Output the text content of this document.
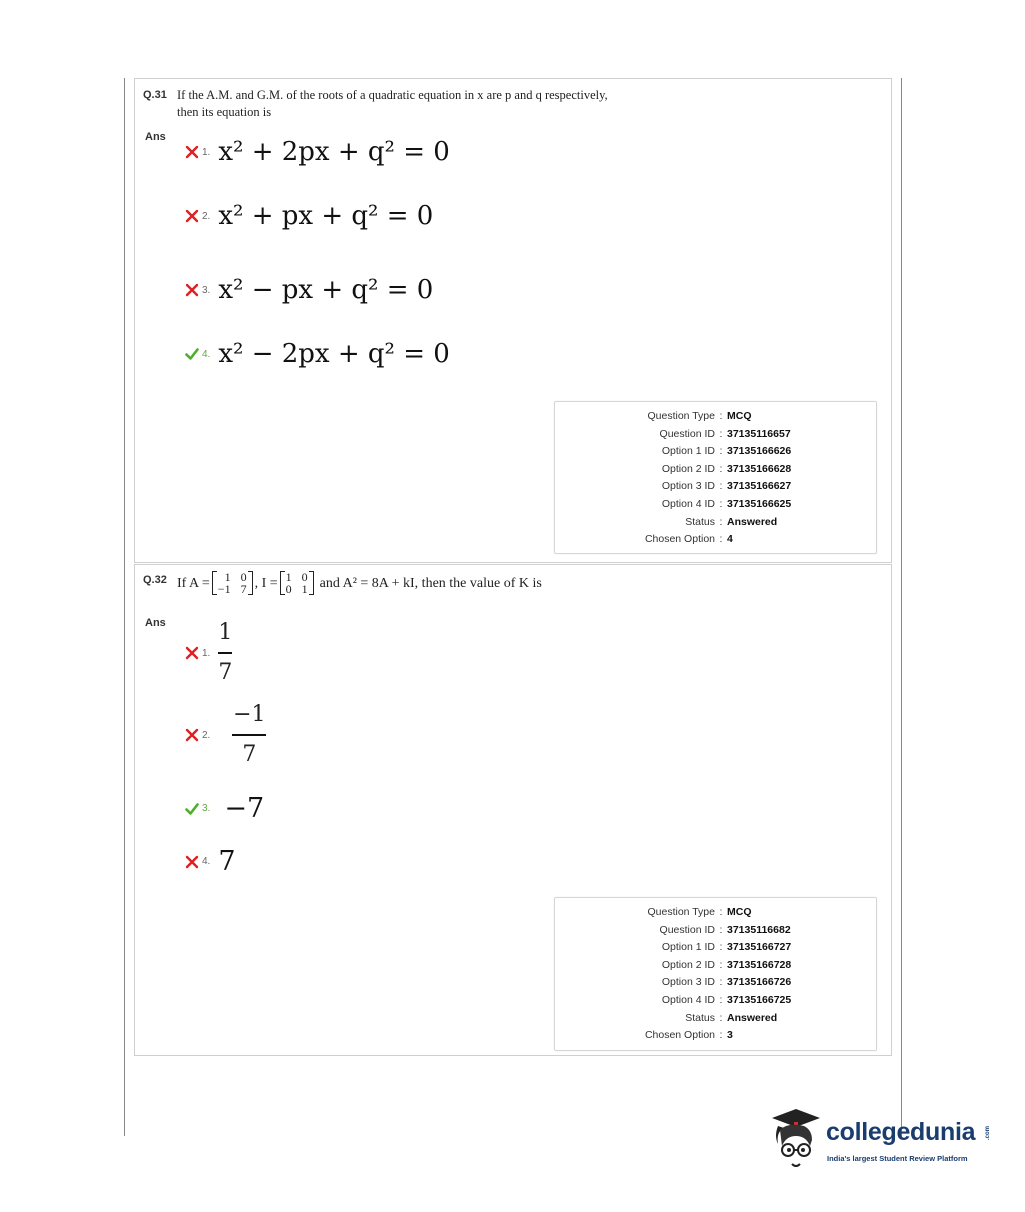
Q.31 If the A.M. and G.M. of the roots of a quadratic equation in x are p and q respectively,
then its equation is
Ans
1. x² + 2px + q² = 0
2. x² + px + q² = 0
3. x² − px + q² = 0
4. x² − 2px + q² = 0
Question Type : MCQ
Question ID : 37135116657
Option 1 ID : 37135166626
Option 2 ID : 37135166628
Option 3 ID : 37135166627
Option 4 ID : 37135166625
Status : Answered
Chosen Option : 4
Q.32 If A =	1 0
−1 7 , I = 1 0
0 1 and A² = 8A + kI, then the value of K is
Ans
1. $\frac{1}{7}$
2. $\frac{-1}{7}$
3. −7
4. 7
Question Type : MCQ
Question ID : 37135116682
Option 1 ID : 37135166727
Option 2 ID : 37135166728
Option 3 ID : 37135166726
Option 4 ID : 37135166725
Status : Answered
Chosen Option : 3
collegedunia .com
India's largest Student Review Platform
